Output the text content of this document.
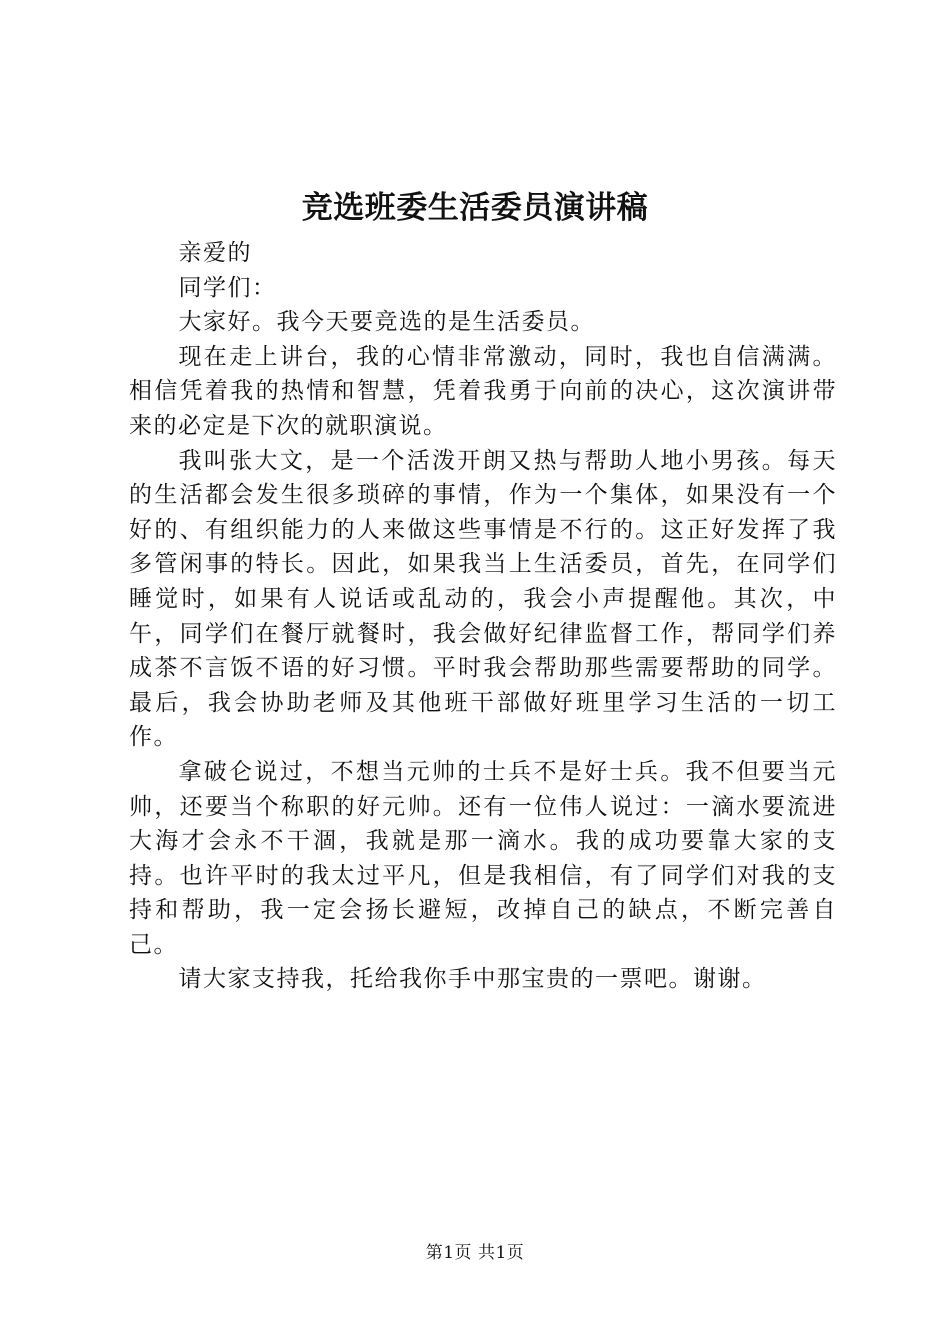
竞选班委生活委员演讲稿

亲爱的

同学们：

大家好。我今天要竞选的是生活委员。

现在走上讲台，我的心情非常激动，同时，我也自信满满。相信凭着我的热情和智慧，凭着我勇于向前的决心，这次演讲带来的必定是下次的就职演说。

我叫张大文，是一个活泼开朗又热与帮助人地小男孩。每天的生活都会发生很多琐碎的事情，作为一个集体，如果没有一个好的、有组织能力的人来做这些事情是不行的。这正好发挥了我多管闲事的特长。因此，如果我当上生活委员，首先，在同学们睡觉时，如果有人说话或乱动的，我会小声提醒他。其次，中午，同学们在餐厅就餐时，我会做好纪律监督工作，帮同学们养成茶不言饭不语的好习惯。平时我会帮助那些需要帮助的同学。最后，我会协助老师及其他班干部做好班里学习生活的一切工作。

拿破仑说过，不想当元帅的士兵不是好士兵。我不但要当元帅，还要当个称职的好元帅。还有一位伟人说过：一滴水要流进大海才会永不干涸，我就是那一滴水。我的成功要靠大家的支持。也许平时的我太过平凡，但是我相信，有了同学们对我的支持和帮助，我一定会扬长避短，改掉自己的缺点，不断完善自己。

请大家支持我，托给我你手中那宝贵的一票吧。谢谢。

第1页 共1页
